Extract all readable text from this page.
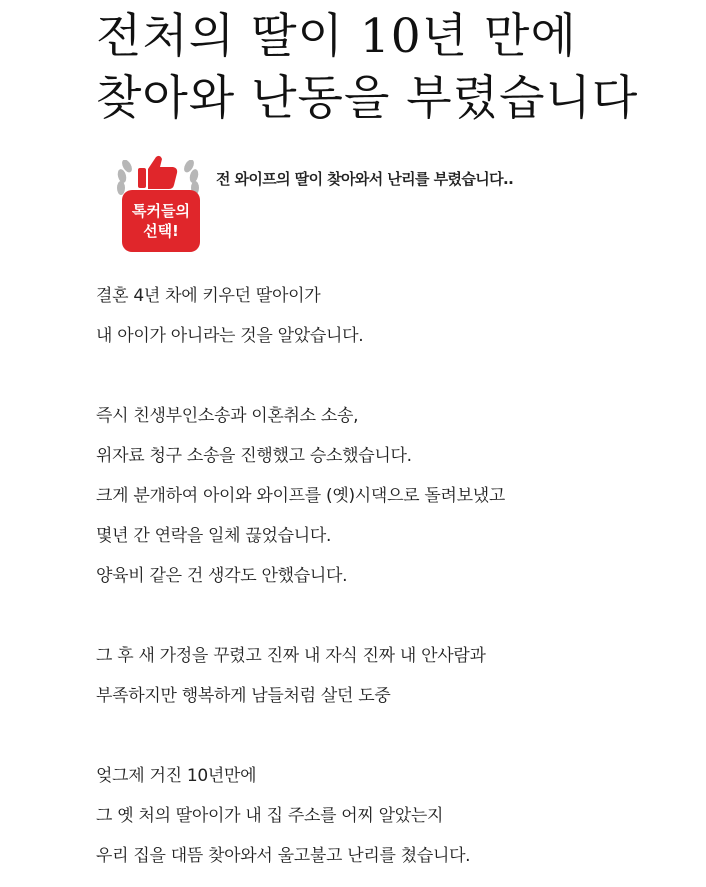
전처의 딸이 10년 만에
찾아와 난동을 부렸습니다
톡커들의
선택!
전 와이프의 딸이 찾아와서 난리를 부렸습니다..
결혼 4년 차에 키우던 딸아이가
내 아이가 아니라는 것을 알았습니다.
즉시 친생부인소송과 이혼취소 소송,
위자료 청구 소송을 진행했고 승소했습니다.
크게 분개하여 아이와 와이프를 (옛)시댁으로 돌려보냈고
몇년 간 연락을 일체 끊었습니다.
양육비 같은 건 생각도 안했습니다.
그 후 새 가정을 꾸렸고 진짜 내 자식 진짜 내 안사람과
부족하지만 행복하게 남들처럼 살던 도중
엊그제 거진 10년만에
그 옛 처의 딸아이가 내 집 주소를 어찌 알았는지
우리 집을 대뜸 찾아와서 울고불고 난리를 쳤습니다.
